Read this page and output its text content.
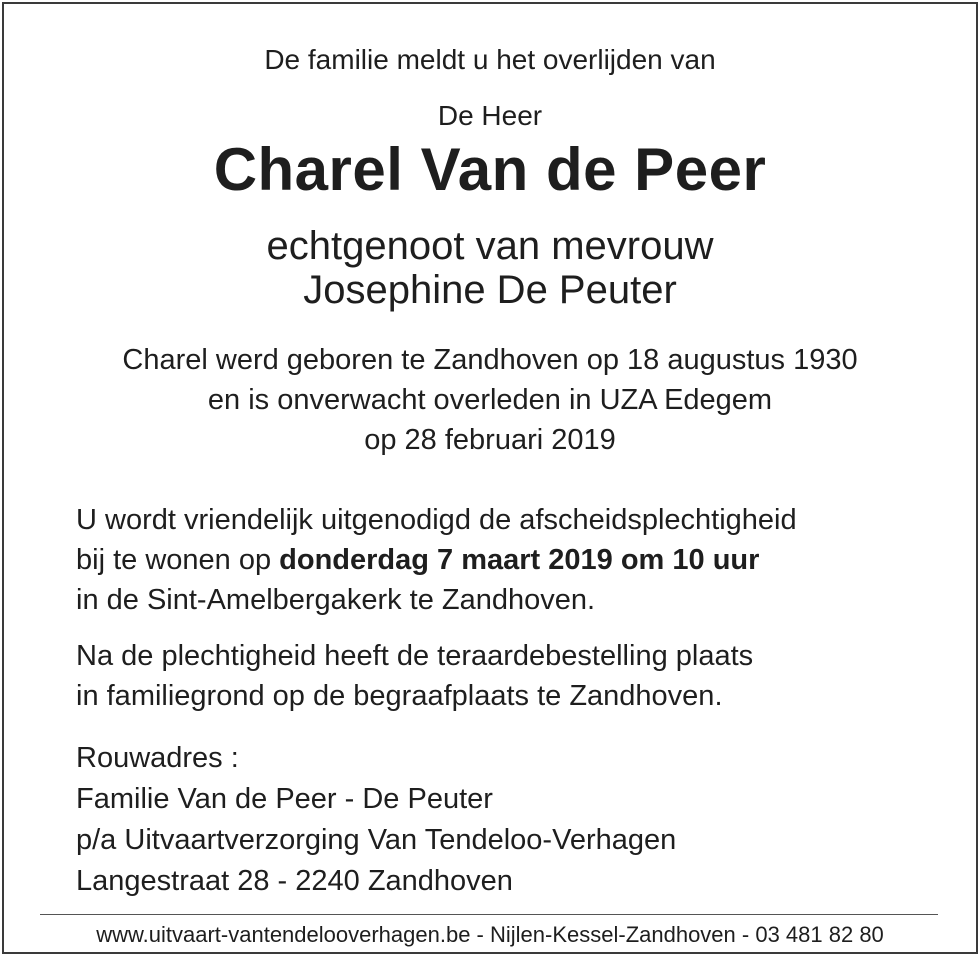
De familie meldt u het overlijden van
De Heer
Charel Van de Peer
echtgenoot van mevrouw
Josephine De Peuter
Charel werd geboren te Zandhoven op 18 augustus 1930
en is onverwacht overleden in UZA Edegem
op 28 februari 2019
U wordt vriendelijk uitgenodigd de afscheidsplechtigheid
bij te wonen op donderdag 7 maart 2019 om 10 uur
in de Sint-Amelbergakerk te Zandhoven.
Na de plechtigheid heeft de teraardebestelling plaats
in familiegrond op de begraafplaats te Zandhoven.
Rouwadres :
Familie Van de Peer - De Peuter
p/a Uitvaartverzorging Van Tendeloo-Verhagen
Langestraat 28 - 2240 Zandhoven
www.uitvaart-vantendelooverhagen.be - Nijlen-Kessel-Zandhoven - 03 481 82 80
